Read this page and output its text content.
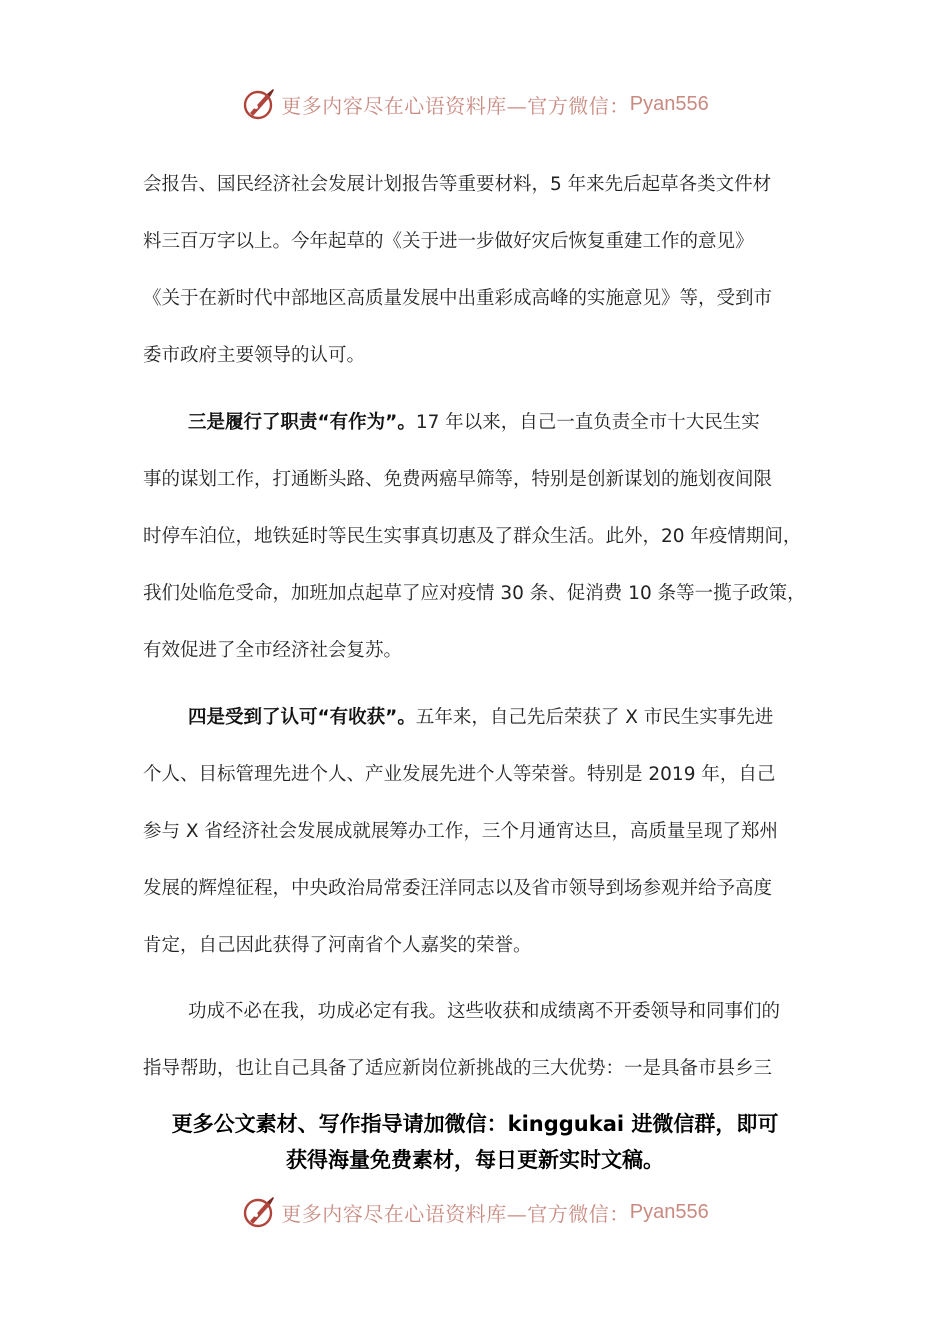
更多内容尽在心语资料库—官方微信： Pyan556
会报告、国民经济社会发展计划报告等重要材料，5 年来先后起草各类文件材
料三百万字以上。今年起草的《关于进一步做好灾后恢复重建工作的意见》
《关于在新时代中部地区高质量发展中出重彩成高峰的实施意见》等，受到市
委市政府主要领导的认可。
三是履行了职责“有作为”。17 年以来，自己一直负责全市十大民生实
事的谋划工作，打通断头路、免费两癌早筛等，特别是创新谋划的施划夜间限
时停车泊位，地铁延时等民生实事真切惠及了群众生活。此外，20 年疫情期间，
我们处临危受命，加班加点起草了应对疫情 30 条、促消费 10 条等一揽子政策，
有效促进了全市经济社会复苏。
四是受到了认可“有收获”。五年来，自己先后荣获了 X 市民生实事先进
个人、目标管理先进个人、产业发展先进个人等荣誉。特别是 2019 年，自己
参与 X 省经济社会发展成就展筹办工作，三个月通宵达旦，高质量呈现了郑州
发展的辉煌征程，中央政治局常委汪洋同志以及省市领导到场参观并给予高度
肯定，自己因此获得了河南省个人嘉奖的荣誉。
功成不必在我，功成必定有我。这些收获和成绩离不开委领导和同事们的
指导帮助，也让自己具备了适应新岗位新挑战的三大优势：一是具备市县乡三
更多公文素材、写作指导请加微信：kinggukai 进微信群，即可
获得海量免费素材，每日更新实时文稿。
更多内容尽在心语资料库—官方微信： Pyan556
